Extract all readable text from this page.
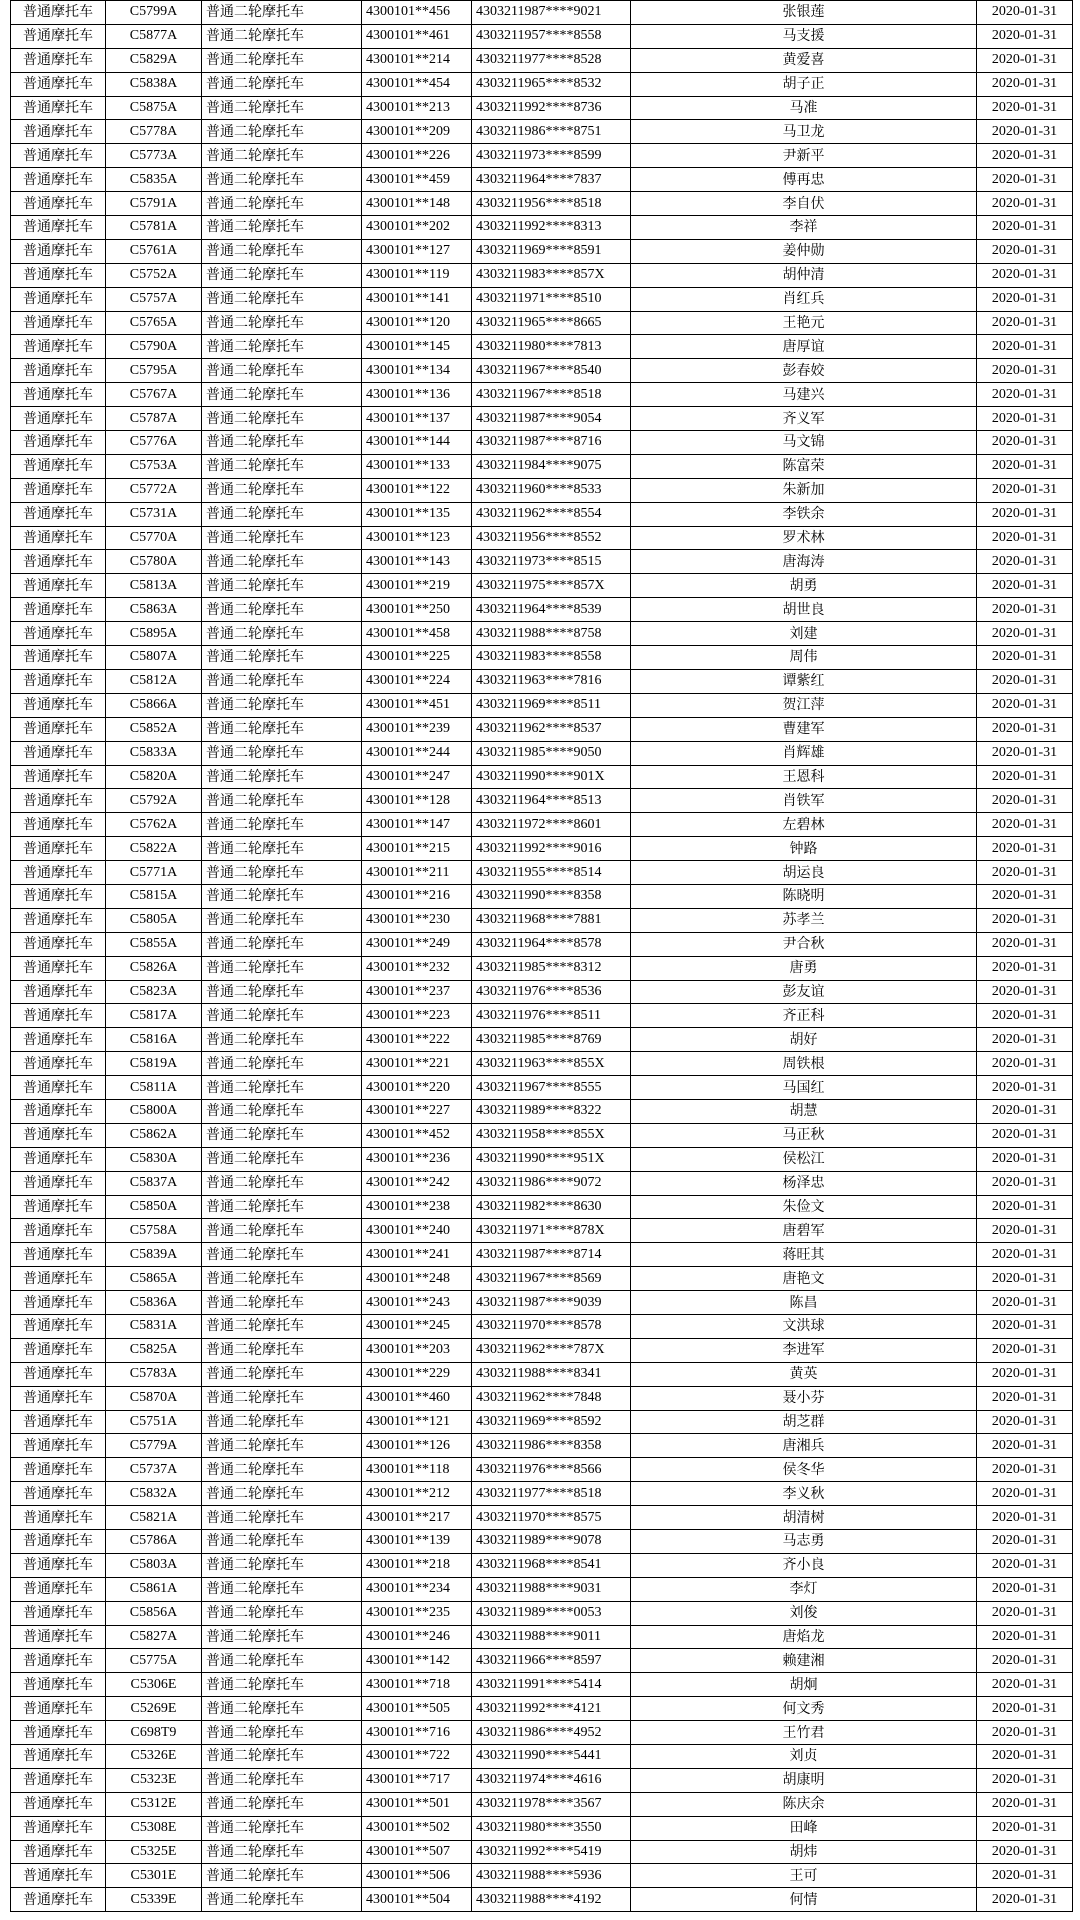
普通摩托车	C5799A	普通二轮摩托车	4300101**456	4303211987****9021	张银莲	2020-01-31
普通摩托车	C5877A	普通二轮摩托车	4300101**461	4303211957****8558	马支援	2020-01-31
普通摩托车	C5829A	普通二轮摩托车	4300101**214	4303211977****8528	黄爱喜	2020-01-31
普通摩托车	C5838A	普通二轮摩托车	4300101**454	4303211965****8532	胡子正	2020-01-31
普通摩托车	C5875A	普通二轮摩托车	4300101**213	4303211992****8736	马准	2020-01-31
普通摩托车	C5778A	普通二轮摩托车	4300101**209	4303211986****8751	马卫龙	2020-01-31
普通摩托车	C5773A	普通二轮摩托车	4300101**226	4303211973****8599	尹新平	2020-01-31
普通摩托车	C5835A	普通二轮摩托车	4300101**459	4303211964****7837	傅再忠	2020-01-31
普通摩托车	C5791A	普通二轮摩托车	4300101**148	4303211956****8518	李自伏	2020-01-31
普通摩托车	C5781A	普通二轮摩托车	4300101**202	4303211992****8313	李祥	2020-01-31
普通摩托车	C5761A	普通二轮摩托车	4300101**127	4303211969****8591	姜仲勋	2020-01-31
普通摩托车	C5752A	普通二轮摩托车	4300101**119	4303211983****857X	胡仲清	2020-01-31
普通摩托车	C5757A	普通二轮摩托车	4300101**141	4303211971****8510	肖红兵	2020-01-31
普通摩托车	C5765A	普通二轮摩托车	4300101**120	4303211965****8665	王艳元	2020-01-31
普通摩托车	C5790A	普通二轮摩托车	4300101**145	4303211980****7813	唐厚谊	2020-01-31
普通摩托车	C5795A	普通二轮摩托车	4300101**134	4303211967****8540	彭春姣	2020-01-31
普通摩托车	C5767A	普通二轮摩托车	4300101**136	4303211967****8518	马建兴	2020-01-31
普通摩托车	C5787A	普通二轮摩托车	4300101**137	4303211987****9054	齐义军	2020-01-31
普通摩托车	C5776A	普通二轮摩托车	4300101**144	4303211987****8716	马文锦	2020-01-31
普通摩托车	C5753A	普通二轮摩托车	4300101**133	4303211984****9075	陈富荣	2020-01-31
普通摩托车	C5772A	普通二轮摩托车	4300101**122	4303211960****8533	朱新加	2020-01-31
普通摩托车	C5731A	普通二轮摩托车	4300101**135	4303211962****8554	李铁余	2020-01-31
普通摩托车	C5770A	普通二轮摩托车	4300101**123	4303211956****8552	罗术林	2020-01-31
普通摩托车	C5780A	普通二轮摩托车	4300101**143	4303211973****8515	唐海涛	2020-01-31
普通摩托车	C5813A	普通二轮摩托车	4300101**219	4303211975****857X	胡勇	2020-01-31
普通摩托车	C5863A	普通二轮摩托车	4300101**250	4303211964****8539	胡世良	2020-01-31
普通摩托车	C5895A	普通二轮摩托车	4300101**458	4303211988****8758	刘建	2020-01-31
普通摩托车	C5807A	普通二轮摩托车	4300101**225	4303211983****8558	周伟	2020-01-31
普通摩托车	C5812A	普通二轮摩托车	4300101**224	4303211963****7816	谭紫红	2020-01-31
普通摩托车	C5866A	普通二轮摩托车	4300101**451	4303211969****8511	贺江萍	2020-01-31
普通摩托车	C5852A	普通二轮摩托车	4300101**239	4303211962****8537	曹建军	2020-01-31
普通摩托车	C5833A	普通二轮摩托车	4300101**244	4303211985****9050	肖辉雄	2020-01-31
普通摩托车	C5820A	普通二轮摩托车	4300101**247	4303211990****901X	王恩科	2020-01-31
普通摩托车	C5792A	普通二轮摩托车	4300101**128	4303211964****8513	肖铁军	2020-01-31
普通摩托车	C5762A	普通二轮摩托车	4300101**147	4303211972****8601	左碧林	2020-01-31
普通摩托车	C5822A	普通二轮摩托车	4300101**215	4303211992****9016	钟路	2020-01-31
普通摩托车	C5771A	普通二轮摩托车	4300101**211	4303211955****8514	胡运良	2020-01-31
普通摩托车	C5815A	普通二轮摩托车	4300101**216	4303211990****8358	陈晓明	2020-01-31
普通摩托车	C5805A	普通二轮摩托车	4300101**230	4303211968****7881	苏孝兰	2020-01-31
普通摩托车	C5855A	普通二轮摩托车	4300101**249	4303211964****8578	尹合秋	2020-01-31
普通摩托车	C5826A	普通二轮摩托车	4300101**232	4303211985****8312	唐勇	2020-01-31
普通摩托车	C5823A	普通二轮摩托车	4300101**237	4303211976****8536	彭友谊	2020-01-31
普通摩托车	C5817A	普通二轮摩托车	4300101**223	4303211976****8511	齐正科	2020-01-31
普通摩托车	C5816A	普通二轮摩托车	4300101**222	4303211985****8769	胡好	2020-01-31
普通摩托车	C5819A	普通二轮摩托车	4300101**221	4303211963****855X	周铁根	2020-01-31
普通摩托车	C5811A	普通二轮摩托车	4300101**220	4303211967****8555	马国红	2020-01-31
普通摩托车	C5800A	普通二轮摩托车	4300101**227	4303211989****8322	胡慧	2020-01-31
普通摩托车	C5862A	普通二轮摩托车	4300101**452	4303211958****855X	马正秋	2020-01-31
普通摩托车	C5830A	普通二轮摩托车	4300101**236	4303211990****951X	侯松江	2020-01-31
普通摩托车	C5837A	普通二轮摩托车	4300101**242	4303211986****9072	杨泽忠	2020-01-31
普通摩托车	C5850A	普通二轮摩托车	4300101**238	4303211982****8630	朱俭文	2020-01-31
普通摩托车	C5758A	普通二轮摩托车	4300101**240	4303211971****878X	唐碧军	2020-01-31
普通摩托车	C5839A	普通二轮摩托车	4300101**241	4303211987****8714	蒋旺其	2020-01-31
普通摩托车	C5865A	普通二轮摩托车	4300101**248	4303211967****8569	唐艳文	2020-01-31
普通摩托车	C5836A	普通二轮摩托车	4300101**243	4303211987****9039	陈昌	2020-01-31
普通摩托车	C5831A	普通二轮摩托车	4300101**245	4303211970****8578	文洪球	2020-01-31
普通摩托车	C5825A	普通二轮摩托车	4300101**203	4303211962****787X	李进军	2020-01-31
普通摩托车	C5783A	普通二轮摩托车	4300101**229	4303211988****8341	黄英	2020-01-31
普通摩托车	C5870A	普通二轮摩托车	4300101**460	4303211962****7848	聂小芬	2020-01-31
普通摩托车	C5751A	普通二轮摩托车	4300101**121	4303211969****8592	胡芝群	2020-01-31
普通摩托车	C5779A	普通二轮摩托车	4300101**126	4303211986****8358	唐湘兵	2020-01-31
普通摩托车	C5737A	普通二轮摩托车	4300101**118	4303211976****8566	侯冬华	2020-01-31
普通摩托车	C5832A	普通二轮摩托车	4300101**212	4303211977****8518	李义秋	2020-01-31
普通摩托车	C5821A	普通二轮摩托车	4300101**217	4303211970****8575	胡清树	2020-01-31
普通摩托车	C5786A	普通二轮摩托车	4300101**139	4303211989****9078	马志勇	2020-01-31
普通摩托车	C5803A	普通二轮摩托车	4300101**218	4303211968****8541	齐小良	2020-01-31
普通摩托车	C5861A	普通二轮摩托车	4300101**234	4303211988****9031	李灯	2020-01-31
普通摩托车	C5856A	普通二轮摩托车	4300101**235	4303211989****0053	刘俊	2020-01-31
普通摩托车	C5827A	普通二轮摩托车	4300101**246	4303211988****9011	唐焰龙	2020-01-31
普通摩托车	C5775A	普通二轮摩托车	4300101**142	4303211966****8597	赖建湘	2020-01-31
普通摩托车	C5306E	普通二轮摩托车	4300101**718	4303211991****5414	胡炯	2020-01-31
普通摩托车	C5269E	普通二轮摩托车	4300101**505	4303211992****4121	何文秀	2020-01-31
普通摩托车	C698T9	普通二轮摩托车	4300101**716	4303211986****4952	王竹君	2020-01-31
普通摩托车	C5326E	普通二轮摩托车	4300101**722	4303211990****5441	刘贞	2020-01-31
普通摩托车	C5323E	普通二轮摩托车	4300101**717	4303211974****4616	胡康明	2020-01-31
普通摩托车	C5312E	普通二轮摩托车	4300101**501	4303211978****3567	陈庆余	2020-01-31
普通摩托车	C5308E	普通二轮摩托车	4300101**502	4303211980****3550	田峰	2020-01-31
普通摩托车	C5325E	普通二轮摩托车	4300101**507	4303211992****5419	胡炜	2020-01-31
普通摩托车	C5301E	普通二轮摩托车	4300101**506	4303211988****5936	王可	2020-01-31
普通摩托车	C5339E	普通二轮摩托车	4300101**504	4303211988****4192	何情	2020-01-31
